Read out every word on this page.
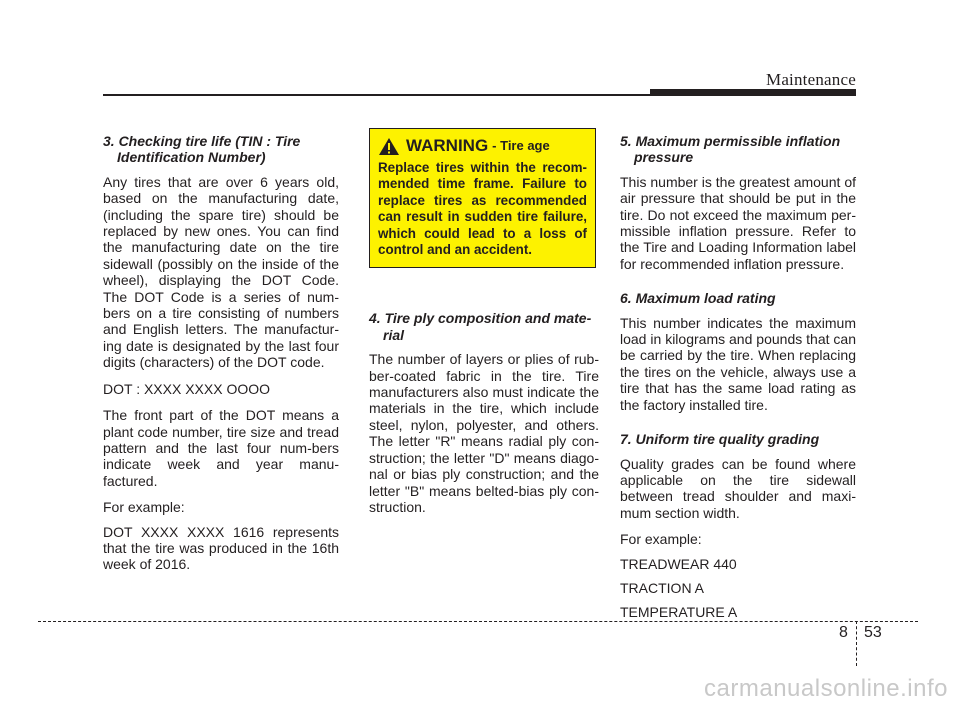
Maintenance
3. Checking tire life (TIN : Tire
Identification Number)

Any tires that are over 6 years old, based on the manufacturing date, (including the spare tire) should be replaced by new ones. You can find the manufacturing date on the tire sidewall (possibly on the inside of the wheel), displaying the DOT Code. The DOT Code is a series of num-bers on a tire consisting of numbers and English letters. The manufactur-ing date is designated by the last four digits (characters) of the DOT code.

DOT : XXXX XXXX OOOO

The front part of the DOT means a plant code number, tire size and tread pattern and the last four num-bers indicate week and year manu-factured.

For example:

DOT XXXX XXXX 1616 represents that the tire was produced in the 16th week of 2016.

WARNING - Tire age
Replace tires within the recom-mended time frame. Failure to replace tires as recommended can result in sudden tire failure, which could lead to a loss of control and an accident.
4. Tire ply composition and mate-
rial

The number of layers or plies of rub-ber-coated fabric in the tire. Tire manufacturers also must indicate the materials in the tire, which include steel, nylon, polyester, and others. The letter "R" means radial ply con-struction; the letter "D" means diago-nal or bias ply construction; and the letter "B" means belted-bias ply con-struction.

5. Maximum permissible inflation
pressure

This number is the greatest amount of air pressure that should be put in the tire. Do not exceed the maximum per-missible inflation pressure. Refer to the Tire and Loading Information label for recommended inflation pressure.

6. Maximum load rating

This number indicates the maximum load in kilograms and pounds that can be carried by the tire. When replacing the tires on the vehicle, always use a tire that has the same load rating as the factory installed tire.

7. Uniform tire quality grading

Quality grades can be found where applicable on the tire sidewall between tread shoulder and maxi-mum section width.

For example:

TREADWEAR 440

TRACTION A

TEMPERATURE A

8 53
carmanualsonline.info
